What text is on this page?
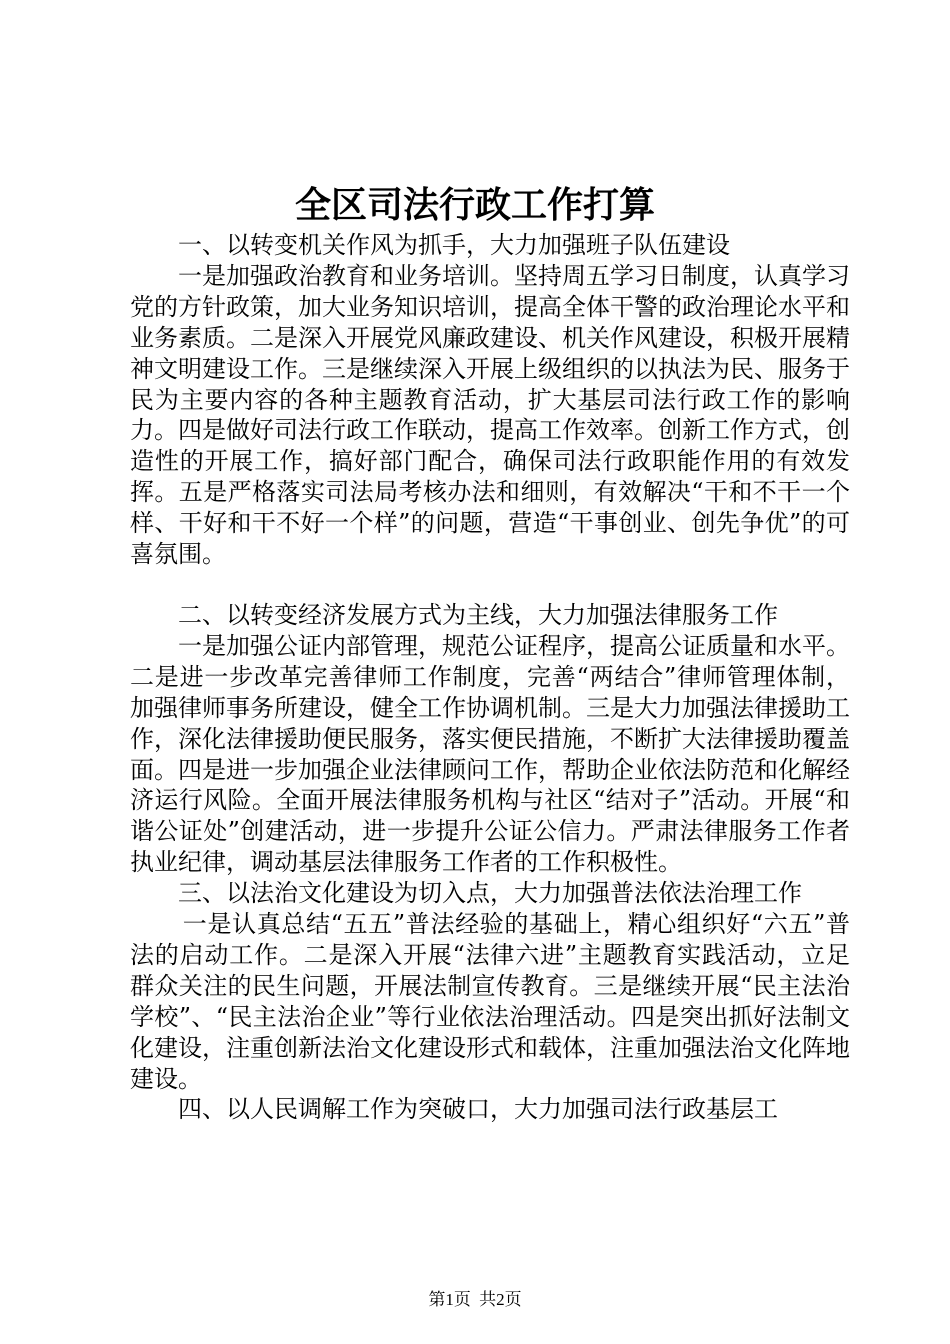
全区司法行政工作打算

一、以转变机关作风为抓手，大力加强班子队伍建设

一是加强政治教育和业务培训。坚持周五学习日制度，认真学习党的方针政策，加大业务知识培训，提高全体干警的政治理论水平和业务素质。二是深入开展党风廉政建设、机关作风建设，积极开展精神文明建设工作。三是继续深入开展上级组织的以执法为民、服务于民为主要内容的各种主题教育活动，扩大基层司法行政工作的影响力。四是做好司法行政工作联动，提高工作效率。创新工作方式，创造性的开展工作，搞好部门配合，确保司法行政职能作用的有效发挥。五是严格落实司法局考核办法和细则，有效解决“干和不干一个样、干好和干不好一个样”的问题，营造“干事创业、创先争优”的可喜氛围。

二、以转变经济发展方式为主线，大力加强法律服务工作

一是加强公证内部管理，规范公证程序，提高公证质量和水平。二是进一步改革完善律师工作制度，完善“两结合”律师管理体制，加强律师事务所建设，健全工作协调机制。三是大力加强法律援助工作，深化法律援助便民服务，落实便民措施，不断扩大法律援助覆盖面。四是进一步加强企业法律顾问工作，帮助企业依法防范和化解经济运行风险。全面开展法律服务机构与社区“结对子”活动。开展“和谐公证处”创建活动，进一步提升公证公信力。严肃法律服务工作者执业纪律，调动基层法律服务工作者的工作积极性。

三、以法治文化建设为切入点，大力加强普法依法治理工作

一是认真总结“五五”普法经验的基础上，精心组织好“六五”普法的启动工作。二是深入开展“法律六进”主题教育实践活动，立足群众关注的民生问题，开展法制宣传教育。三是继续开展“民主法治学校”、“民主法治企业”等行业依法治理活动。四是突出抓好法制文化建设，注重创新法治文化建设形式和载体，注重加强法治文化阵地建设。

四、以人民调解工作为突破口，大力加强司法行政基层工

第1页 共2页
